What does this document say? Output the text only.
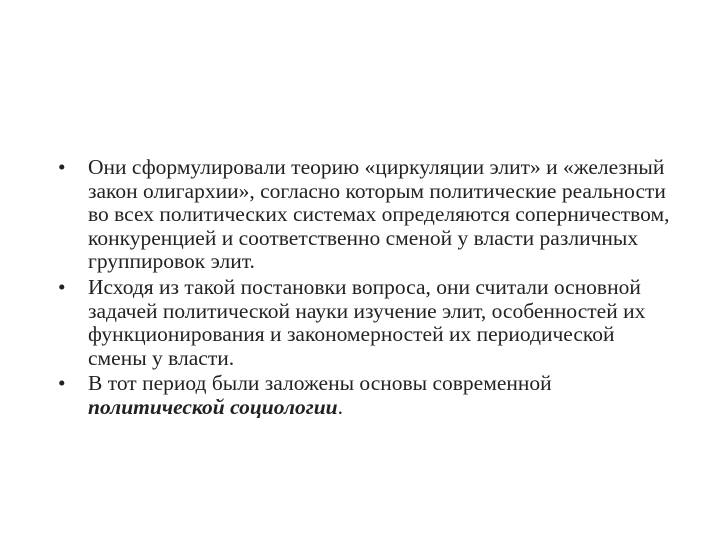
•	Они сформулировали теорию «циркуляции элит» и «железный закон олигархии», согласно которым политические реальности во всех политических системах определяются соперничеством, конкуренцией и соответственно сменой у власти различных группировок элит.
•	Исходя из такой постановки вопроса, они считали основной задачей политической науки изучение элит, особенностей их функционирования и закономерностей их периодической смены у власти.
•	В тот период были заложены основы современной политической социологии.
